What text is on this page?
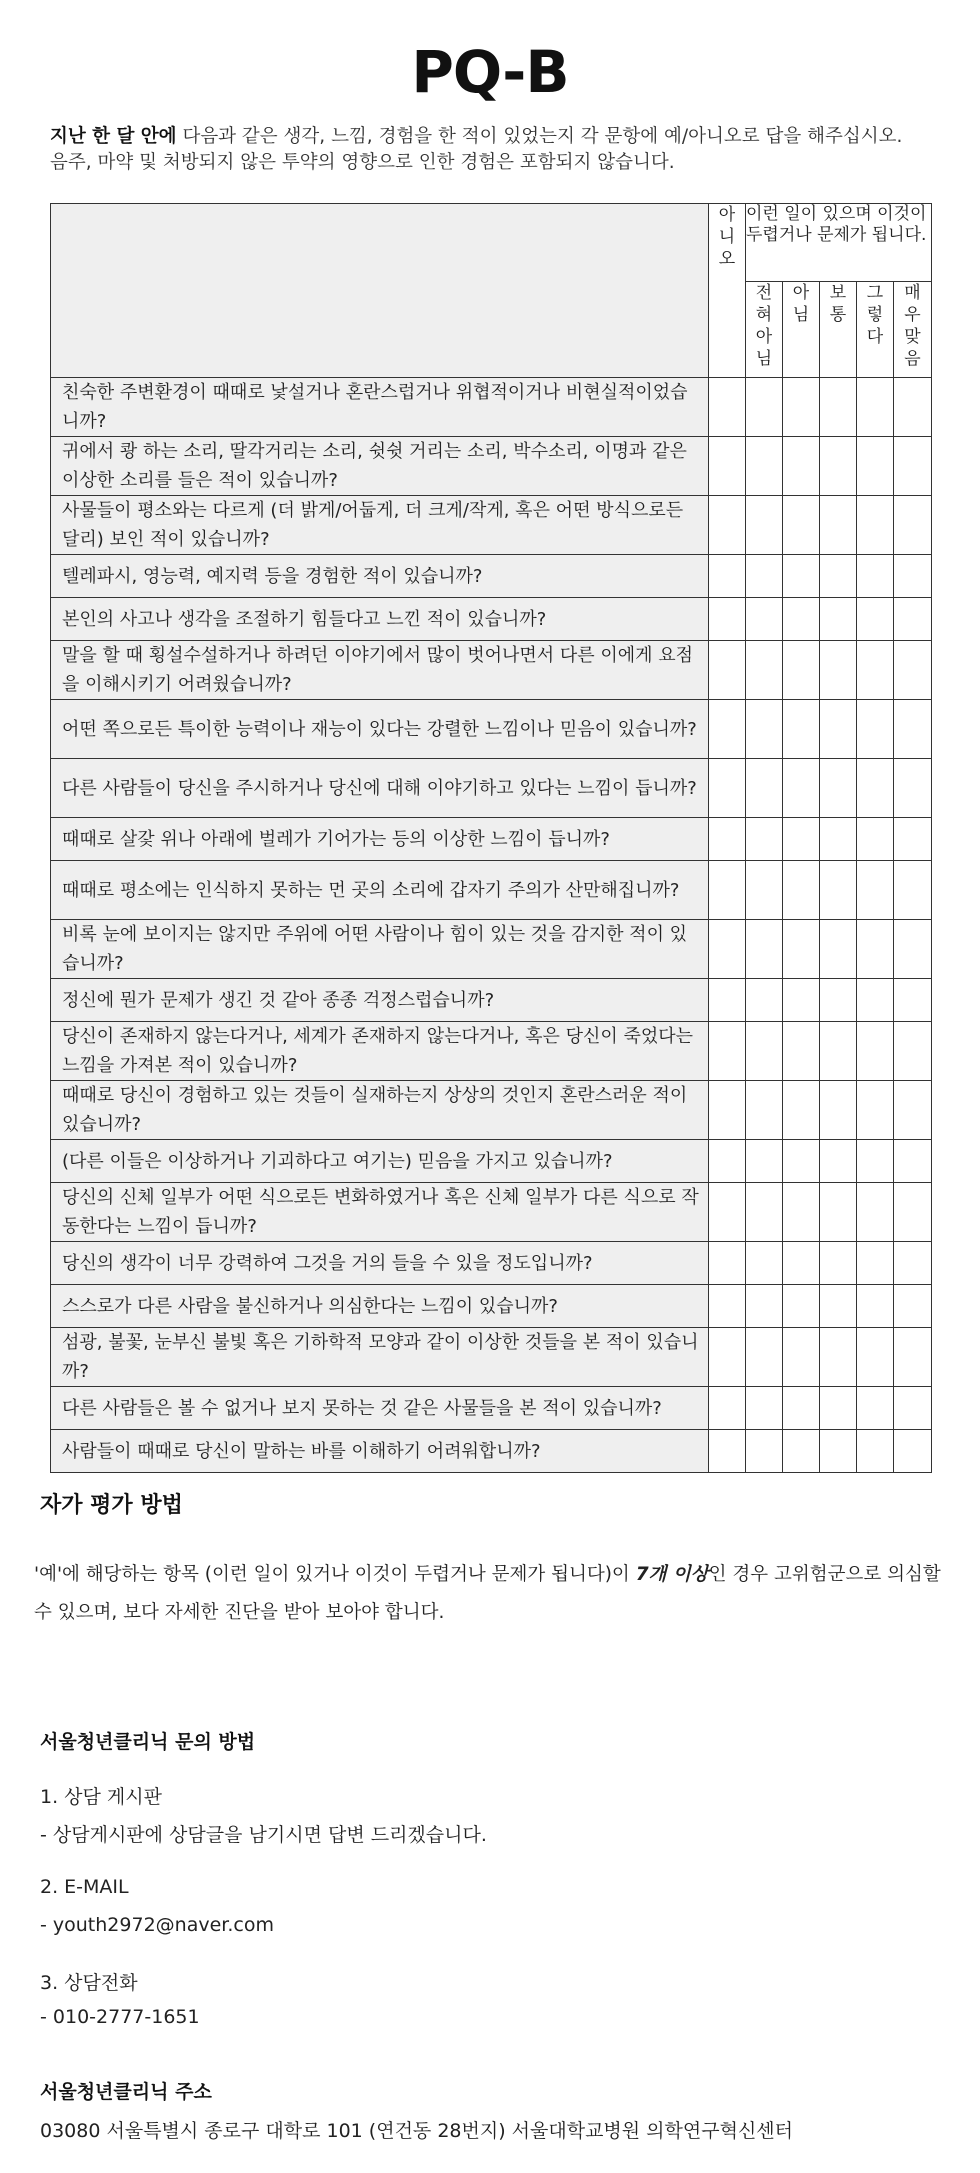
PQ-B
지난 한 달 안에 다음과 같은 생각, 느낌, 경험을 한 적이 있었는지 각 문항에 예/아니오로 답을 해주십시오.
음주, 마약 및 처방되지 않은 투약의 영향으로 인한 경험은 포함되지 않습니다.
	아니오	이런 일이 있으며 이것이 두렵거나 문제가 됩니다.				
		전혀 아님	아님	보통	그렇다	매우 맞음
친숙한 주변환경이 때때로 낯설거나 혼란스럽거나 위협적이거나 비현실적이었습니까?						
귀에서 쾅 하는 소리, 딸각거리는 소리, 쉿쉿 거리는 소리, 박수소리, 이명과 같은 이상한 소리를 들은 적이 있습니까?						
사물들이 평소와는 다르게 (더 밝게/어둡게, 더 크게/작게, 혹은 어떤 방식으로든 달리) 보인 적이 있습니까?						
텔레파시, 영능력, 예지력 등을 경험한 적이 있습니까?						
본인의 사고나 생각을 조절하기 힘들다고 느낀 적이 있습니까?						
말을 할 때 횡설수설하거나 하려던 이야기에서 많이 벗어나면서 다른 이에게 요점을 이해시키기 어려웠습니까?						
어떤 쪽으로든 특이한 능력이나 재능이 있다는 강렬한 느낌이나 믿음이 있습니까?						
다른 사람들이 당신을 주시하거나 당신에 대해 이야기하고 있다는 느낌이 듭니까?						
때때로 살갗 위나 아래에 벌레가 기어가는 등의 이상한 느낌이 듭니까?						
때때로 평소에는 인식하지 못하는 먼 곳의 소리에 갑자기 주의가 산만해집니까?						
비록 눈에 보이지는 않지만 주위에 어떤 사람이나 힘이 있는 것을 감지한 적이 있습니까?						
정신에 뭔가 문제가 생긴 것 같아 종종 걱정스럽습니까?						
당신이 존재하지 않는다거나, 세계가 존재하지 않는다거나, 혹은 당신이 죽었다는 느낌을 가져본 적이 있습니까?						
때때로 당신이 경험하고 있는 것들이 실재하는지 상상의 것인지 혼란스러운 적이 있습니까?						
(다른 이들은 이상하거나 기괴하다고 여기는) 믿음을 가지고 있습니까?						
당신의 신체 일부가 어떤 식으로든 변화하였거나 혹은 신체 일부가 다른 식으로 작동한다는 느낌이 듭니까?						
당신의 생각이 너무 강력하여 그것을 거의 들을 수 있을 정도입니까?						
스스로가 다른 사람을 불신하거나 의심한다는 느낌이 있습니까?						
섬광, 불꽃, 눈부신 불빛 혹은 기하학적 모양과 같이 이상한 것들을 본 적이 있습니까?						
다른 사람들은 볼 수 없거나 보지 못하는 것 같은 사물들을 본 적이 있습니까?						
사람들이 때때로 당신이 말하는 바를 이해하기 어려워합니까?						
자가 평가 방법
'예'에 해당하는 항목 (이런 일이 있거나 이것이 두렵거나 문제가 됩니다)이 7개 이상인 경우 고위험군으로 의심할 수 있으며, 보다 자세한 진단을 받아 보아야 합니다.
서울청년클리닉 문의 방법
1. 상담 게시판
- 상담게시판에 상담글을 남기시면 답변 드리겠습니다.
2. E-MAIL
- youth2972@naver.com
3. 상담전화
- 010-2777-1651
서울청년클리닉 주소
03080 서울특별시 종로구 대학로 101 (연건동 28번지) 서울대학교병원 의학연구혁신센터
